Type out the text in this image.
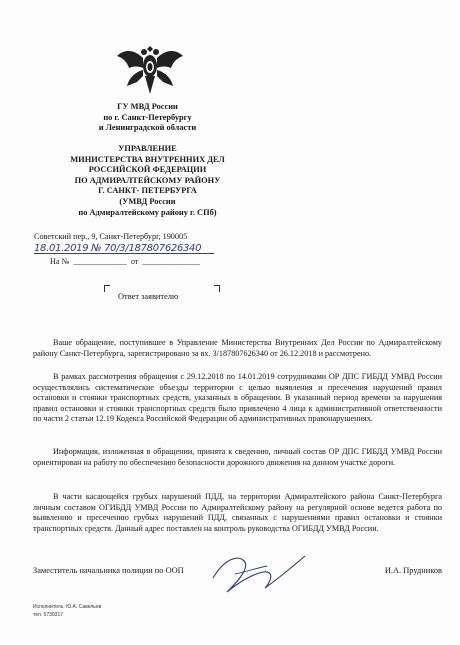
ГУ МВД России
по г. Санкт-Петербургу
и Ленинградской области
УПРАВЛЕНИЕ
МИНИСТЕРСТВА ВНУТРЕННИХ ДЕЛ
РОССИЙСКОЙ ФЕДЕРАЦИИ
ПО АДМИРАЛТЕЙСКОМУ РАЙОНУ
Г. САНКТ- ПЕТЕРБУРГА
(УМВД России
по Адмиралтейскому району г. СПб)
Советский пер., 9, Санкт-Петербург, 190005
18.01.2019 № 70/3/187807626340
На №  _____________  от  ______________
Ответ заявителю

Ваше обращение, поступившее в Управление Министерства Внутренних Дел России по Адмиралтейскому району Санкт-Петербурга, зарегистрировано за вх. 3/187807626340 от 26.12.2018 и рассмотрено.

В рамках рассмотрения обращения с 29.12.2018 по 14.01.2019 сотрудниками ОР ДПС ГИБДД УМВД России осуществлялись систематические объезды территории с целью выявления и пресечения нарушений правил остановки и стоянки транспортных средств, указанных в обращении. В указанный период времени за нарушения правил остановки и стоянки транспортных средств было привлечено 4 лица к административной ответственности по части 2 статьи 12.19 Кодекса Российской Федерации об административных правонарушениях.

Информация, изложенная в обращении, принята к сведению, личный состав ОР ДПС ГИБДД УМВД России ориентирован на работу по обеспечению безопасности дорожного движения на данном участке дороги.

В части касающейся грубых нарушений ПДД, на территории Адмиралтейского района Санкт-Петербурга личным составом ОГИБДД УМВД России по Адмиралтейскому району на регулярной основе ведется работа по выявлению и пресечению грубых нарушений ПДД, связанных с нарушениями правил остановки и стоянки транспортных средств. Данный адрес поставлен на контроль руководства ОГИБДД УМВД России.

Заместитель начальника полиции по ООП	И.А. Прудников
Исполнитель: Ю.А. Савельев
тел. 5730317
